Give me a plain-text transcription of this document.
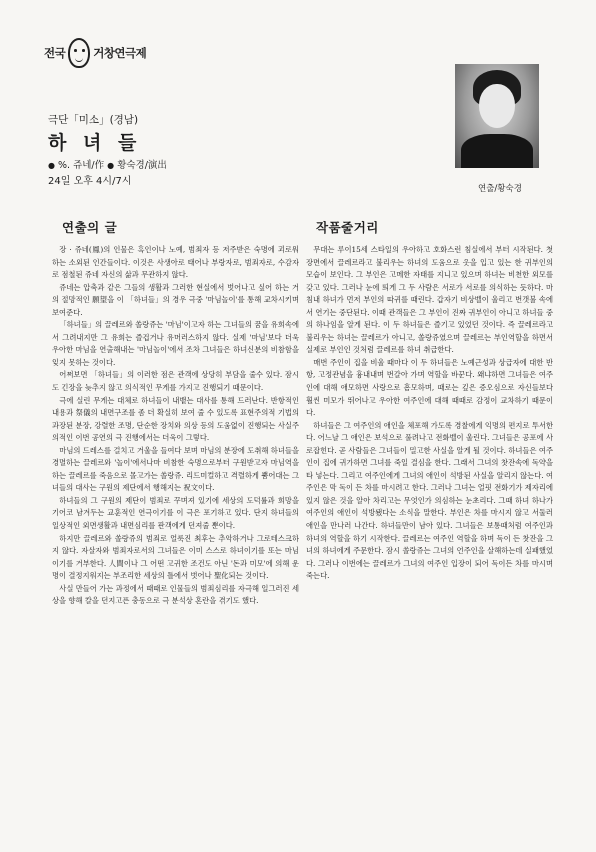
전국 거창연극제
극단「미소」(경남)
하 녀 들
● %. 쥬네/作 ● 황숙경/演出
24일 오후 4시/7시
연출/황숙경
연출의 글

장 · 쥬네(鳳)의 인물은 흑인이나 노예, 범죄자 등 저주받은 숙명에 괴로워 하는 소외된 인간들이다. 이것은 사생아로 태어나 부랑자로, 범죄자로, 수감자로 점철된 쥬네 자신의 삶과 무관하지 않다.

쥬네는 압축과 같은 그들의 생활과 그러한 현실에서 벗어나고 싶어 하는 거의 절망적인 願望을 이 「하녀들」의 경우 극중 '마님놀이'를 통해 교차시키며 보여준다.

「하녀들」의 끌레르와 쏠랑쥬는 '마님'이고자 하는 그녀들의 꿈을 유희속에서 그려내지만 그 유희는 즐겁거나 유머러스하지 않다. 실제 '마님'보다 더욱 우아한 마님을 연출해내는 '마님놀이'에서 조차 그녀들은 하녀신분의 비참함을 잊지 못하는 것이다.

어쩌보면 「하녀들」의 이러한 점은 관객에 상당히 부담을 줄수 있다. 잠시도 긴장을 늦추지 않고 의식적인 무게를 가지고 진행되기 때문이다.

극에 실린 무게는 대체로 하녀들이 내뱉는 대사를 통해 드러난다. 반항적인 내용과 祭儀의 내면구조를 좀 더 확실히 보여 줄 수 있도록 표현주의적 기법의 과장된 분장, 강렬한 조명, 단순한 장치와 의상 등의 도움없이 진행되는 사실주의적인 이번 공연의 극 진행에서는 더욱이 그렇다.

마님의 드레스를 걸치고 거울을 들여다 보며 마님의 분장에 도취해 하녀들을 경멸하는 끌레르와 '놀이'에서나마 비참한 숙명으로부터 구원받고자 마님역을 하는 끌레르를 죽음으로 몰고가는 쏠랑쥬. 리드미컬하고 격렬하게 뿜어대는 그녀들의 대사는 구원의 제단에서 행해지는 祝文이다.

하녀들의 그 구원의 제단이 범죄로 꾸며져 있기에 세상의 도덕률과 희망을 기어코 남겨두는 교훈적인 연극이기를 이 극은 포기하고 있다. 단지 하녀들의 일상적인 외면생활과 내면심리를 판객에게 던져줄 뿐이다.

하지만 끌레르와 쏠랑쥬의 범죄로 얼룩진 최후는 추악하거나 그로테스크하지 않다. 자살자와 범죄자로서의 그녀들은 이미 스스로 하녀이기를 또는 마님이기를 거부한다. 人間이나 그 어떤 고귀한 조건도 아닌 '돈과 미모'에 의해 운명이 결정지워지는 부조리한 세상의 틀에서 벗어나 聖化되는 것이다.

사실 만들어 가는 과정에서 때때로 인물들의 범죄심리를 자극해 일그러진 세상을 향해 칼을 던지고픈 충동으로 극 분석상 혼란을 겪기도 했다.

작품줄거리

무대는 루이15세 스타일의 우아하고 호화스런 침실에서 부터 시작된다. 첫 장면에서 끌레르라고 불리우는 하녀의 도움으로 옷을 입고 있는 한 귀부인의 모습이 보인다. 그 부인은 고메한 자태를 지니고 있으며 하녀는 비천한 외모를 갖고 있다. 그러나 눈에 띄게 그 두 사람은 서로가 서로를 의식하는 듯하다. 마침내 하녀가 먼저 부인의 따귀를 때린다. 갑자기 비상벨이 울리고 번갯불 속에서 연기는 중단된다. 이때 관객들은 그 부인이 진짜 귀부인이 아니고 하녀들 중의 하나임을 알게 된다. 이 두 하녀들은 즐기고 있었던 것이다. 즉 끌레르라고 불리우는 하녀는 끌레르가 아니고, 쏠랑쥬였으며 끌레르는 부인역할을 하면서 실제로 부인인 것처럼 끌레르를 하녀 취급한다.

매번 주인이 집을 비울 때마다 이 두 하녀들은 노예근성과 상급자에 대한 반항, 고정관념을 흉내내며 번갈아 가며 역할을 바꾼다. 왜냐하면 그녀들은 여주인에 대해 애모하면 사랑으로 흠모하며, 때로는 깊은 증오심으로 자신들보다 훨씬 미모가 뛰어나고 우아한 여주인에 대해 때때로 감정이 교차하기 때문이다.

하녀들은 그 여주인의 애인을 체포해 가도록 경찰에게 익명의 편지로 투서한다. 어느날 그 애인은 보석으로 풀려나고 전화벨이 울린다. 그녀들은 공포에 사로잡힌다. 곧 사람들은 그녀들이 밀고한 사실을 알게 될 것이다. 하녀들은 여주인이 집에 귀가하면 그녀를 죽일 결심을 한다. 그래서 그녀의 찻잔속에 독약을 타 넣는다. 그리고 여주인에게 그녀의 애인이 석방된 사실을 알리지 않는다. 여주인은 막 독이 든 차를 마시려고 한다. 그러나 그녀는 얼핏 전화기가 제자리에 있지 않은 것을 알아 차리고는 무엇인가 의심하는 눈초리다. 그때 하녀 하나가 여주인의 애인이 석방됐다는 소식을 말한다. 부인은 차를 마시지 않고 서둘러 애인을 만나러 나간다. 하녀들만이 남아 있다. 그녀들은 보통때처럼 여주인과 하녀의 역할을 하기 시작한다. 끌레르는 여주인 역할을 하며 독이 든 찻잔을 그녀의 하녀에게 주문한다. 잠시 쏠랑쥬는 그녀의 언주인을 살해하는데 실패했었다. 그러나 이번에는 끌레르가 그녀의 여주인 입장이 되어 독이든 차를 마시며 죽는다.
